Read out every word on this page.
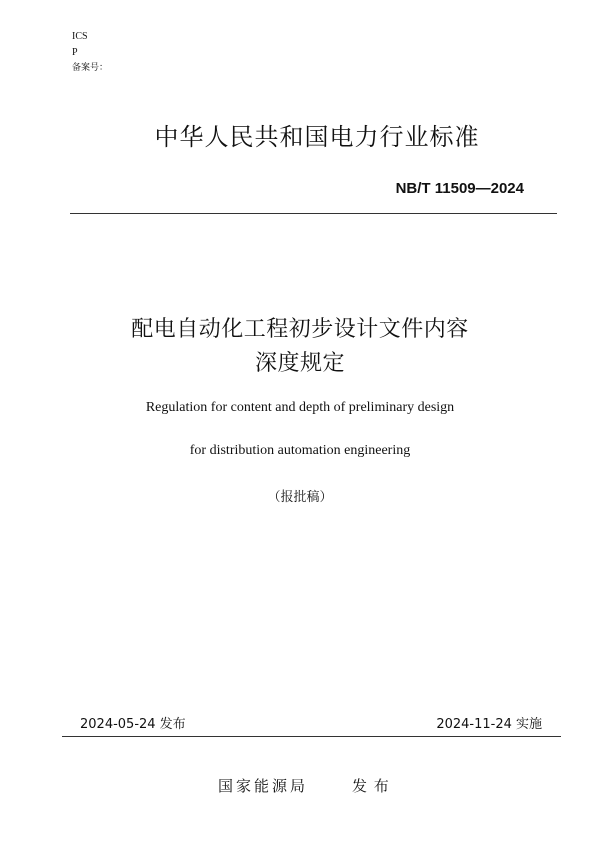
ICS
P
备案号：
中华人民共和国电力行业标准
NB/T 11509—2024
配电自动化工程初步设计文件内容
深度规定
Regulation for content and depth of preliminary design
for distribution automation engineering
（报批稿）
2024-05-24 发布	2024-11-24 实施
国家能源局	发 布
